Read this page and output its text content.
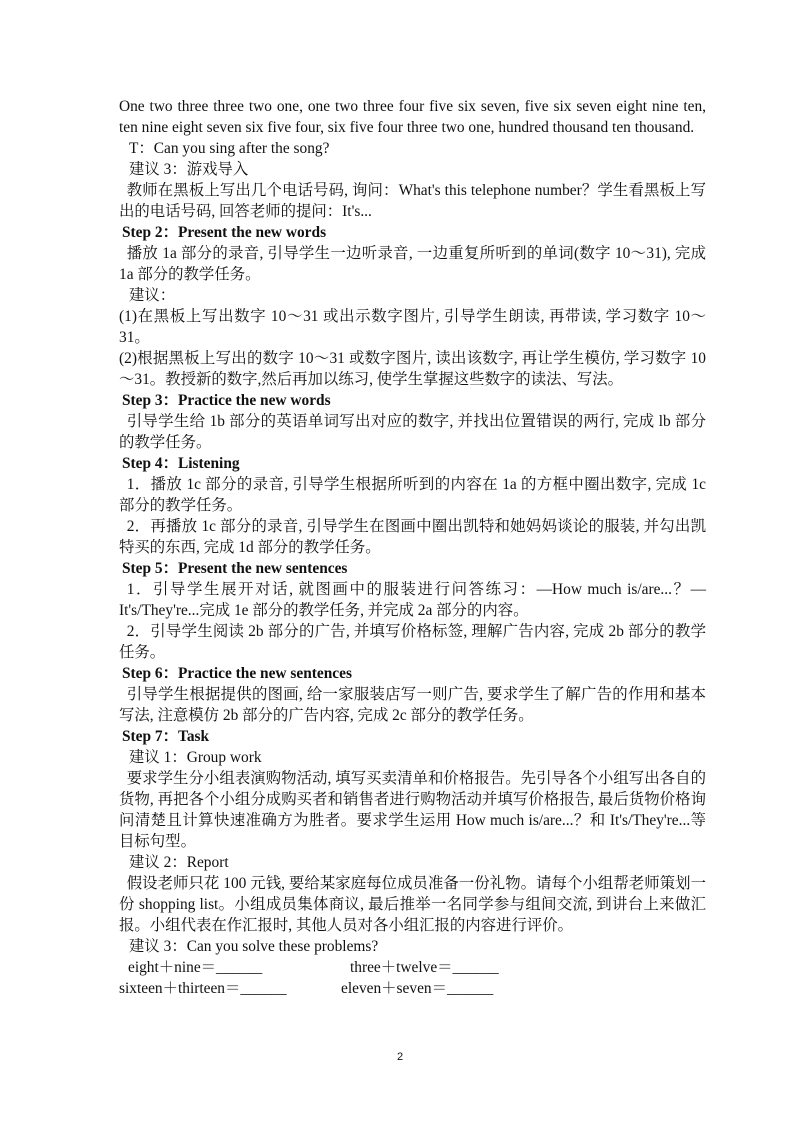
One two three three two one, one two three four five six seven, five six seven eight nine ten, ten nine eight seven six five four, six five four three two one, hundred thousand ten thousand.

T：Can you sing after the song?

建议 3：游戏导入

教师在黑板上写出几个电话号码, 询问：What's this telephone number？学生看黑板上写出的电话号码, 回答老师的提问：It's...

Step 2：Present the new words

播放 1a 部分的录音, 引导学生一边听录音, 一边重复所听到的单词(数字 10～31), 完成 1a 部分的教学任务。

建议：

(1)在黑板上写出数字 10～31 或出示数字图片, 引导学生朗读, 再带读, 学习数字 10～31。

(2)根据黑板上写出的数字 10～31 或数字图片, 读出该数字, 再让学生模仿, 学习数字 10～31。教授新的数字,然后再加以练习, 使学生掌握这些数字的读法、写法。

Step 3：Practice the new words

引导学生给 1b 部分的英语单词写出对应的数字, 并找出位置错误的两行, 完成 lb 部分的教学任务。

Step 4：Listening

1．播放 1c 部分的录音, 引导学生根据所听到的内容在 1a 的方框中圈出数字, 完成 1c 部分的教学任务。

2．再播放 1c 部分的录音, 引导学生在图画中圈出凯特和她妈妈谈论的服装, 并勾出凯特买的东西, 完成 1d 部分的教学任务。

Step 5：Present the new sentences

1．引导学生展开对话, 就图画中的服装进行问答练习：—How much is/are...？—It's/They're...完成 1e 部分的教学任务, 并完成 2a 部分的内容。

2．引导学生阅读 2b 部分的广告, 并填写价格标签, 理解广告内容, 完成 2b 部分的教学任务。

Step 6：Practice the new sentences

引导学生根据提供的图画, 给一家服装店写一则广告, 要求学生了解广告的作用和基本写法, 注意模仿 2b 部分的广告内容, 完成 2c 部分的教学任务。

Step 7：Task

建议 1：Group work

要求学生分小组表演购物活动, 填写买卖清单和价格报告。先引导各个小组写出各自的货物, 再把各个小组分成购买者和销售者进行购物活动并填写价格报告, 最后货物价格询问清楚且计算快速准确方为胜者。要求学生运用 How much is/are...？和 It's/They're...等目标句型。

建议 2：Report

假设老师只花 100 元钱, 要给某家庭每位成员准备一份礼物。请每个小组帮老师策划一份 shopping list。小组成员集体商议, 最后推举一名同学参与组间交流, 到讲台上来做汇报。小组代表在作汇报时, 其他人员对各小组汇报的内容进行评价。

建议 3：Can you solve these problems?

eight＋nine＝______	three＋twelve＝______
sixteen＋thirteen＝______	eleven＋seven＝______
2
